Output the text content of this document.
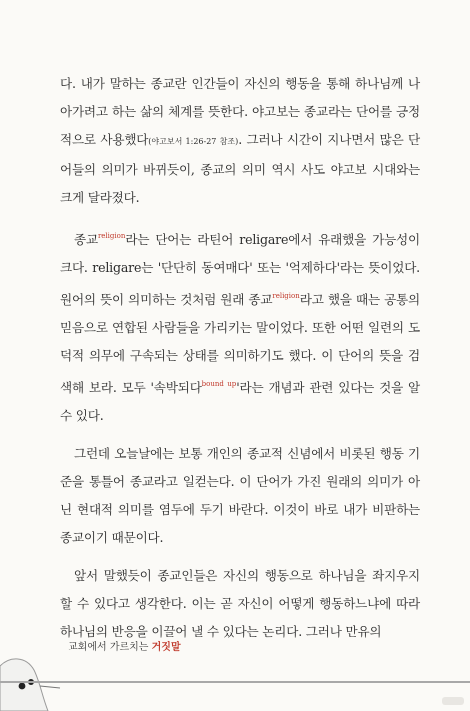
다. 내가 말하는 종교란 인간들이 자신의 행동을 통해 하나님께 나아가려고 하는 삶의 체계를 뜻한다. 야고보는 종교라는 단어를 긍정적으로 사용했다(야고보서 1:26-27 참조). 그러나 시간이 지나면서 많은 단어들의 의미가 바뀌듯이, 종교의 의미 역시 사도 야고보 시대와는 크게 달라졌다.

종교$^{religion}$라는 단어는 라틴어 religare에서 유래했을 가능성이 크다. religare는 '단단히 동여매다' 또는 '억제하다'라는 뜻이었다. 원어의 뜻이 의미하는 것처럼 원래 종교$^{religion}$라고 했을 때는 공통의 믿음으로 연합된 사람들을 가리키는 말이었다. 또한 어떤 일련의 도덕적 의무에 구속되는 상태를 의미하기도 했다. 이 단어의 뜻을 검색해 보라. 모두 '속박되다$^{bound up}$'라는 개념과 관련 있다는 것을 알 수 있다.

그런데 오늘날에는 보통 개인의 종교적 신념에서 비롯된 행동 기준을 통틀어 종교라고 일컫는다. 이 단어가 가진 원래의 의미가 아닌 현대적 의미를 염두에 두기 바란다. 이것이 바로 내가 비판하는 종교이기 때문이다.

앞서 말했듯이 종교인들은 자신의 행동으로 하나님을 좌지우지 할 수 있다고 생각한다. 이는 곧 자신이 어떻게 행동하느냐에 따라 하나님의 반응을 이끌어 낼 수 있다는 논리다. 그러나 만유의

교회에서 가르치는 거짓말
